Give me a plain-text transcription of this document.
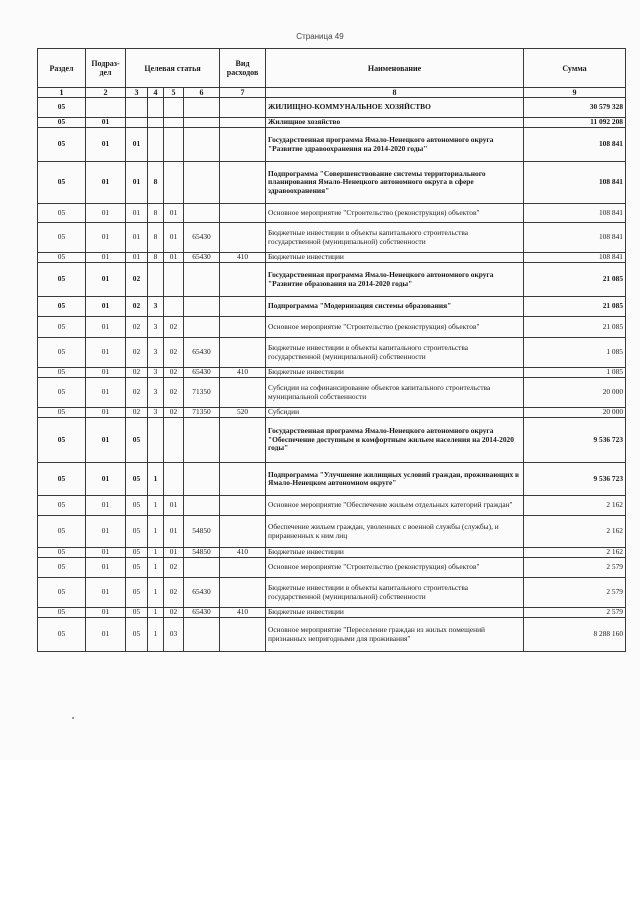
Страница 49
Раздел	Подраз-дел	Целевая статья				Вид расходов	Наименование	Сумма
1	2	3	4	5	6	7	8	9
05							ЖИЛИЩНО-КОММУНАЛЬНОЕ ХОЗЯЙСТВО	30 579 328
05	01						Жилищное хозяйство	11 092 208
05	01	01					Государственная программа Ямало-Ненецкого автономного округа "Развитие здравоохранения на 2014-2020 годы"	108 841
05	01	01	8				Подпрограмма "Совершенствование системы территориального планирования Ямало-Ненецкого автономного округа в сфере здравоохранения"	108 841
05	01	01	8	01			Основное мероприятие "Строительство (реконструкция) объектов"	108 841
05	01	01	8	01	65430		Бюджетные инвестиции в объекты капитального строительства государственной (муниципальной) собственности	108 841
05	01	01	8	01	65430	410	Бюджетные инвестиции	108 841
05	01	02					Государственная программа Ямало-Ненецкого автономного округа "Развитие образования на 2014-2020 годы"	21 085
05	01	02	3				Подпрограмма "Модернизация системы образования"	21 085
05	01	02	3	02			Основное мероприятие "Строительство (реконструкция) объектов"	21 085
05	01	02	3	02	65430		Бюджетные инвестиции в объекты капитального строительства государственной (муниципальной) собственности	1 085
05	01	02	3	02	65430	410	Бюджетные инвестиции	1 085
05	01	02	3	02	71350		Субсидии на софинансирование объектов капитального строительства муниципальной собственности	20 000
05	01	02	3	02	71350	520	Субсидии	20 000
05	01	05					Государственная программа Ямало-Ненецкого автономного округа "Обеспечение доступным и комфортным жильем населения на 2014-2020 годы"	9 536 723
05	01	05	1				Подпрограмма "Улучшение жилищных условий граждан, проживающих в Ямало-Ненецком автономном округе"	9 536 723
05	01	05	1	01			Основное мероприятие "Обеспечение жильем отдельных категорий граждан"	2 162
05	01	05	1	01	54850		Обеспечение жильем граждан, уволенных с военной службы (службы), и приравненных к ним лиц	2 162
05	01	05	1	01	54850	410	Бюджетные инвестиции	2 162
05	01	05	1	02			Основное мероприятие "Строительство (реконструкция) объектов"	2 579
05	01	05	1	02	65430		Бюджетные инвестиции в объекты капитального строительства государственной (муниципальной) собственности	2 579
05	01	05	1	02	65430	410	Бюджетные инвестиции	2 579
05	01	05	1	03			Основное мероприятие "Переселение граждан из жилых помещений признанных непригодными для проживания"	8 288 160
